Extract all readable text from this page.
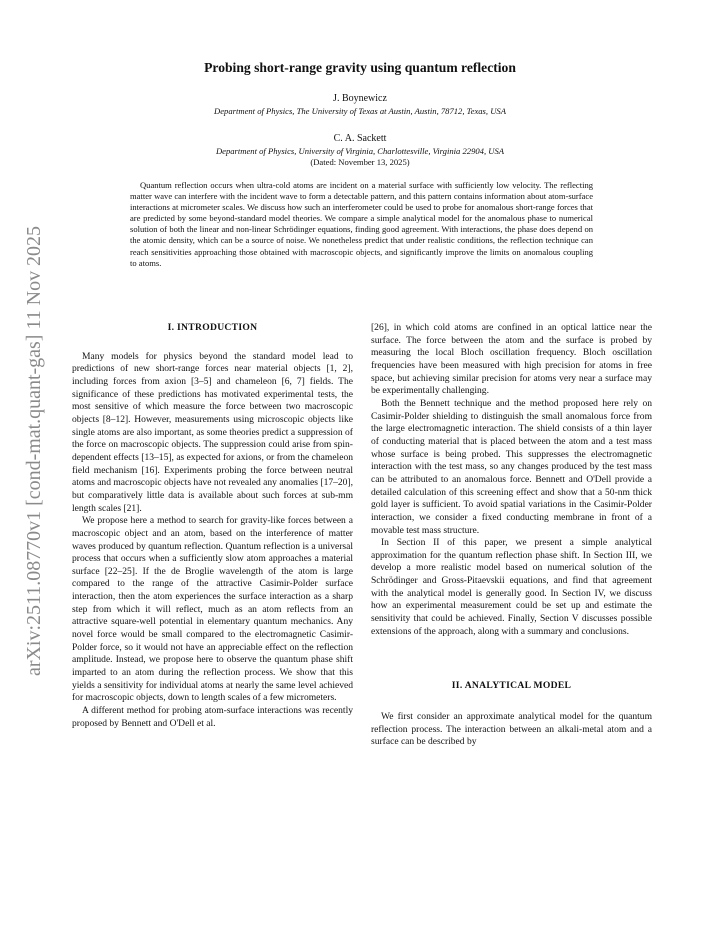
arXiv:2511.08770v1 [cond-mat.quant-gas] 11 Nov 2025
Probing short-range gravity using quantum reflection
J. Boynewicz
Department of Physics, The University of Texas at Austin, Austin, 78712, Texas, USA
C. A. Sackett
Department of Physics, University of Virginia, Charlottesville, Virginia 22904, USA
(Dated: November 13, 2025)

Quantum reflection occurs when ultra-cold atoms are incident on a material surface with sufficiently low velocity. The reflecting matter wave can interfere with the incident wave to form a detectable pattern, and this pattern contains information about atom-surface interactions at micrometer scales. We discuss how such an interferometer could be used to probe for anomalous short-range forces that are predicted by some beyond-standard model theories. We compare a simple analytical model for the anomalous phase to numerical solution of both the linear and non-linear Schrödinger equations, finding good agreement. With interactions, the phase does depend on the atomic density, which can be a source of noise. We nonetheless predict that under realistic conditions, the reflection technique can reach sensitivities approaching those obtained with macroscopic objects, and significantly improve the limits on anomalous coupling to atoms.

I. INTRODUCTION

Many models for physics beyond the standard model lead to predictions of new short-range forces near material objects [1, 2], including forces from axion [3–5] and chameleon [6, 7] fields. The significance of these predictions has motivated experimental tests, the most sensitive of which measure the force between two macroscopic objects [8–12]. However, measurements using microscopic objects like single atoms are also important, as some theories predict a suppression of the force on macroscopic objects. The suppression could arise from spin-dependent effects [13–15], as expected for axions, or from the chameleon field mechanism [16]. Experiments probing the force between neutral atoms and macroscopic objects have not revealed any anomalies [17–20], but comparatively little data is available about such forces at sub-mm length scales [21].

We propose here a method to search for gravity-like forces between a macroscopic object and an atom, based on the interference of matter waves produced by quantum reflection. Quantum reflection is a universal process that occurs when a sufficiently slow atom approaches a material surface [22–25]. If the de Broglie wavelength of the atom is large compared to the range of the attractive Casimir-Polder surface interaction, then the atom experiences the surface interaction as a sharp step from which it will reflect, much as an atom reflects from an attractive square-well potential in elementary quantum mechanics. Any novel force would be small compared to the electromagnetic Casimir-Polder force, so it would not have an appreciable effect on the reflection amplitude. Instead, we propose here to observe the quantum phase shift imparted to an atom during the reflection process. We show that this yields a sensitivity for individual atoms at nearly the same level achieved for macroscopic objects, down to length scales of a few micrometers.

A different method for probing atom-surface interactions was recently proposed by Bennett and O'Dell et al.

[26], in which cold atoms are confined in an optical lattice near the surface. The force between the atom and the surface is probed by measuring the local Bloch oscillation frequency. Bloch oscillation frequencies have been measured with high precision for atoms in free space, but achieving similar precision for atoms very near a surface may be experimentally challenging.

Both the Bennett technique and the method proposed here rely on Casimir-Polder shielding to distinguish the small anomalous force from the large electromagnetic interaction. The shield consists of a thin layer of conducting material that is placed between the atom and a test mass whose surface is being probed. This suppresses the electromagnetic interaction with the test mass, so any changes produced by the test mass can be attributed to an anomalous force. Bennett and O'Dell provide a detailed calculation of this screening effect and show that a 50-nm thick gold layer is sufficient. To avoid spatial variations in the Casimir-Polder interaction, we consider a fixed conducting membrane in front of a movable test mass structure.

In Section II of this paper, we present a simple analytical approximation for the quantum reflection phase shift. In Section III, we develop a more realistic model based on numerical solution of the Schrödinger and Gross-Pitaevskii equations, and find that agreement with the analytical model is generally good. In Section IV, we discuss how an experimental measurement could be set up and estimate the sensitivity that could be achieved. Finally, Section V discusses possible extensions of the approach, along with a summary and conclusions.

II. ANALYTICAL MODEL

We first consider an approximate analytical model for the quantum reflection process. The interaction between an alkali-metal atom and a surface can be described by
